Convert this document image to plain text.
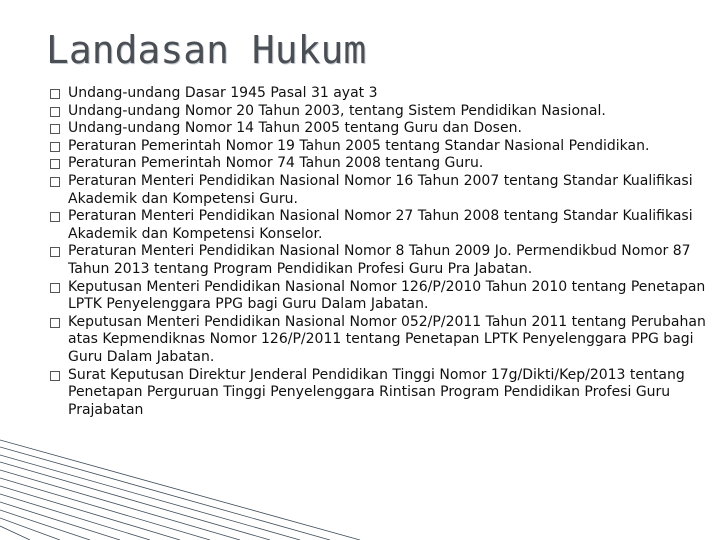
Landasan Hukum
Undang-undang Dasar 1945 Pasal 31 ayat 3
Undang-undang Nomor 20 Tahun 2003, tentang Sistem Pendidikan Nasional.
Undang-undang Nomor 14 Tahun 2005 tentang Guru dan Dosen.
Peraturan Pemerintah Nomor 19 Tahun 2005 tentang Standar Nasional Pendidikan.
Peraturan Pemerintah Nomor 74 Tahun 2008 tentang Guru.
Peraturan Menteri Pendidikan Nasional Nomor 16 Tahun 2007 tentang Standar Kualifikasi Akademik dan Kompetensi Guru.
Peraturan Menteri Pendidikan Nasional Nomor 27 Tahun 2008 tentang Standar Kualifikasi Akademik dan Kompetensi Konselor.
Peraturan Menteri Pendidikan Nasional Nomor 8 Tahun 2009 Jo. Permendikbud Nomor 87 Tahun 2013 tentang Program Pendidikan Profesi Guru Pra Jabatan.
Keputusan Menteri Pendidikan Nasional Nomor 126/P/2010 Tahun 2010 tentang Penetapan LPTK Penyelenggara PPG bagi Guru Dalam Jabatan.
Keputusan Menteri Pendidikan Nasional Nomor 052/P/2011 Tahun 2011 tentang Perubahan atas Kepmendiknas Nomor 126/P/2011 tentang Penetapan LPTK Penyelenggara PPG bagi Guru Dalam Jabatan.
Surat Keputusan Direktur Jenderal Pendidikan Tinggi Nomor 17g/Dikti/Kep/2013 tentang Penetapan Perguruan Tinggi Penyelenggara Rintisan Program Pendidikan Profesi Guru Prajabatan
